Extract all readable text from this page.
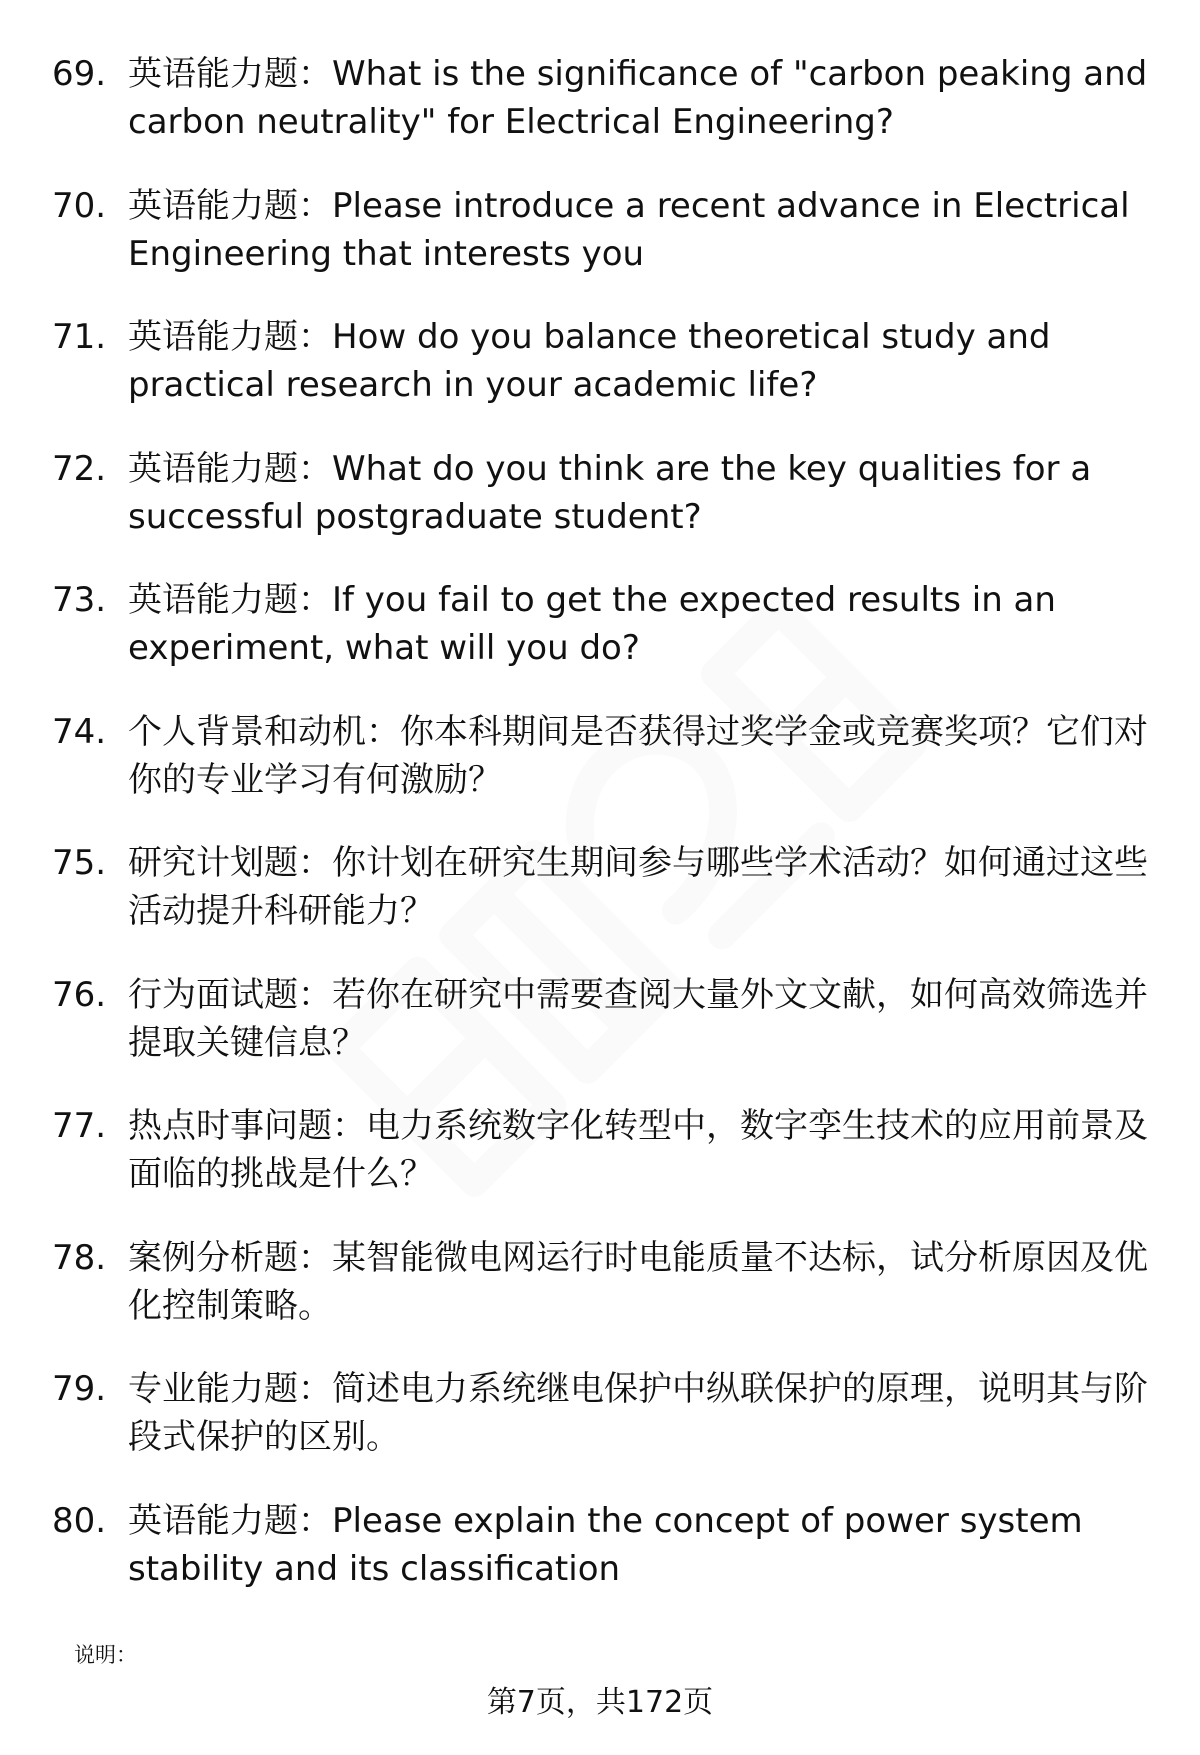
69. 英语能力题：What is the significance of "carbon peaking and carbon neutrality" for Electrical Engineering?
70. 英语能力题：Please introduce a recent advance in Electrical Engineering that interests you
71. 英语能力题：How do you balance theoretical study and practical research in your academic life?
72. 英语能力题：What do you think are the key qualities for a successful postgraduate student?
73. 英语能力题：If you fail to get the expected results in an experiment, what will you do?
74. 个人背景和动机：你本科期间是否获得过奖学金或竞赛奖项？它们对你的专业学习有何激励？
75. 研究计划题：你计划在研究生期间参与哪些学术活动？如何通过这些活动提升科研能力？
76. 行为面试题：若你在研究中需要查阅大量外文文献，如何高效筛选并提取关键信息？
77. 热点时事问题：电力系统数字化转型中，数字孪生技术的应用前景及面临的挑战是什么？
78. 案例分析题：某智能微电网运行时电能质量不达标，试分析原因及优化控制策略。
79. 专业能力题：简述电力系统继电保护中纵联保护的原理，说明其与阶段式保护的区别。
80. 英语能力题：Please explain the concept of power system stability and its classification
说明：
第7页，共172页
